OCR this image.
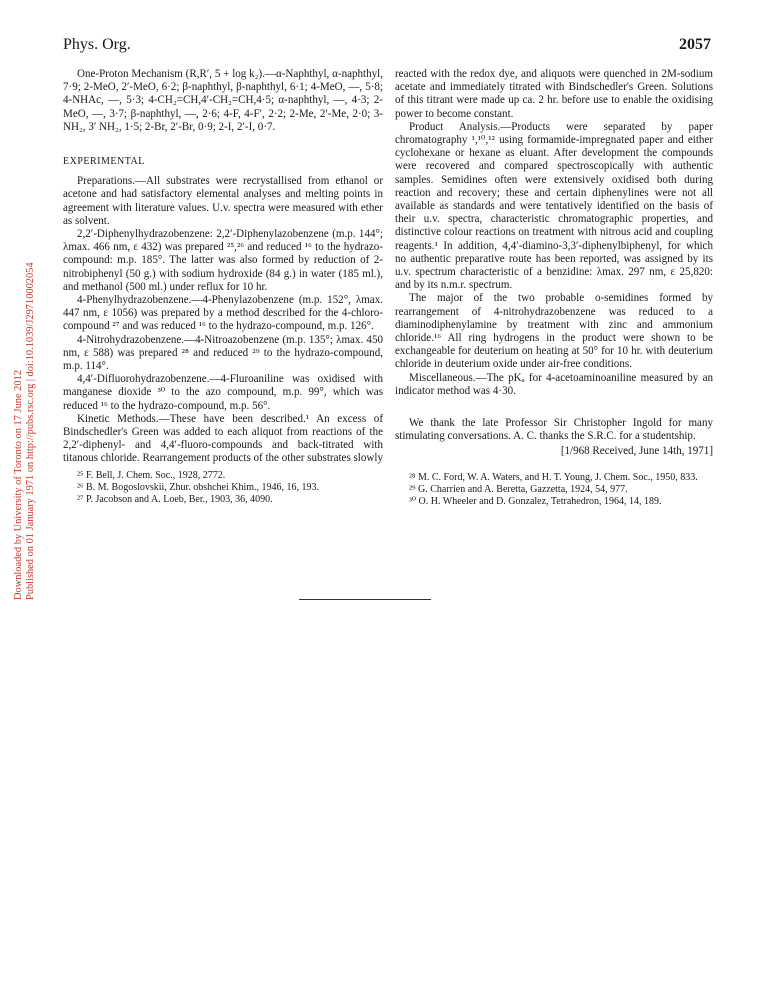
Downloaded by University of Toronto on 17 June 2012 Published on 01 January 1971 on http://pubs.rsc.org | doi:10.1039/J29710002054
Phys. Org.	2057

One-Proton Mechanism (R,R′, 5 + log k₂).—α-Naphthyl, α-naphthyl, 7·9; 2-MeO, 2′-MeO, 6·2; β-naphthyl, β-naphthyl, 6·1; 4-MeO, —, 5·8; 4-NHAc, —, 5·3; 4-CH₂=CH,4′-CH₂=CH,4·5; α-naphthyl, —, 4·3; 2-MeO, —, 3·7; β-naphthyl, —, 2·6; 4-F, 4-F′, 2·2; 2-Me, 2′-Me, 2·0; 3-NH₂, 3′ NH₂, 1·5; 2-Br, 2′-Br, 0·9; 2-I, 2′-I, 0·7.

EXPERIMENTAL

Preparations.—All substrates were recrystallised from ethanol or acetone and had satisfactory elemental analyses and melting points in agreement with literature values. U.v. spectra were measured with ether as solvent.

2,2′-Diphenylhydrazobenzene: 2,2′-Diphenylazobenzene (m.p. 144°; λmax. 466 nm, ε 432) was prepared ²⁵,²⁶ and reduced ¹⁶ to the hydrazo-compound: m.p. 185°. The latter was also formed by reduction of 2-nitrobiphenyl (50 g.) with sodium hydroxide (84 g.) in water (185 ml.), and methanol (500 ml.) under reflux for 10 hr.

4-Phenylhydrazobenzene.—4-Phenylazobenzene (m.p. 152°, λmax. 447 nm, ε 1056) was prepared by a method described for the 4-chloro-compound ²⁷ and was reduced ¹⁶ to the hydrazo-compound, m.p. 126°.

4-Nitrohydrazobenzene.—4-Nitroazobenzene (m.p. 135°; λmax. 450 nm, ε 588) was prepared ²⁸ and reduced ²⁹ to the hydrazo-compound, m.p. 114°.

4,4′-Difluorohydrazobenzene.—4-Fluroaniline was oxidised with manganese dioxide ³⁰ to the azo compound, m.p. 99°, which was reduced ¹⁶ to the hydrazo-compound, m.p. 56°.

Kinetic Methods.—These have been described.¹ An excess of Bindschedler's Green was added to each aliquot from reactions of the 2,2′-diphenyl- and 4,4′-fluoro-compounds and back-titrated with titanous chloride. Rearrangement products of the other substrates slowly

²⁵ F. Bell, J. Chem. Soc., 1928, 2772.

²⁶ B. M. Bogoslovskii, Zhur. obshchei Khim., 1946, 16, 193.

²⁷ P. Jacobson and A. Loeb, Ber., 1903, 36, 4090.

reacted with the redox dye, and aliquots were quenched in 2M-sodium acetate and immediately titrated with Bindschedler's Green. Solutions of this titrant were made up ca. 2 hr. before use to enable the oxidising power to become constant.

Product Analysis.—Products were separated by paper chromatography ¹,¹⁰,¹² using formamide-impregnated paper and either cyclohexane or hexane as eluant. After development the compounds were recovered and compared spectroscopically with authentic samples. Semidines often were extensively oxidised both during reaction and recovery; these and certain diphenylines were not all available as standards and were tentatively identified on the basis of their u.v. spectra, characteristic chromatographic properties, and distinctive colour reactions on treatment with nitrous acid and coupling reagents.¹ In addition, 4,4′-diamino-3,3′-diphenylbiphenyl, for which no authentic preparative route has been reported, was assigned by its u.v. spectrum characteristic of a benzidine: λmax. 297 nm, ε 25,820: and by its n.m.r. spectrum.

The major of the two probable o-semidines formed by rearrangement of 4-nitrohydrazobenzene was reduced to a diaminodiphenylamine by treatment with zinc and ammonium chloride.¹⁶ All ring hydrogens in the product were shown to be exchangeable for deuterium on heating at 50° for 10 hr. with deuterium chloride in deuterium oxide under air-free conditions.

Miscellaneous.—The pKₐ for 4-acetoaminoaniline measured by an indicator method was 4·30.

We thank the late Professor Sir Christopher Ingold for many stimulating conversations. A. C. thanks the S.R.C. for a studentship.

[1/968 Received, June 14th, 1971]

²⁸ M. C. Ford, W. A. Waters, and H. T. Young, J. Chem. Soc., 1950, 833.

²⁹ G. Charrien and A. Beretta, Gazzetta, 1924, 54, 977.

³⁰ O. H. Wheeler and D. Gonzalez, Tetrahedron, 1964, 14, 189.
